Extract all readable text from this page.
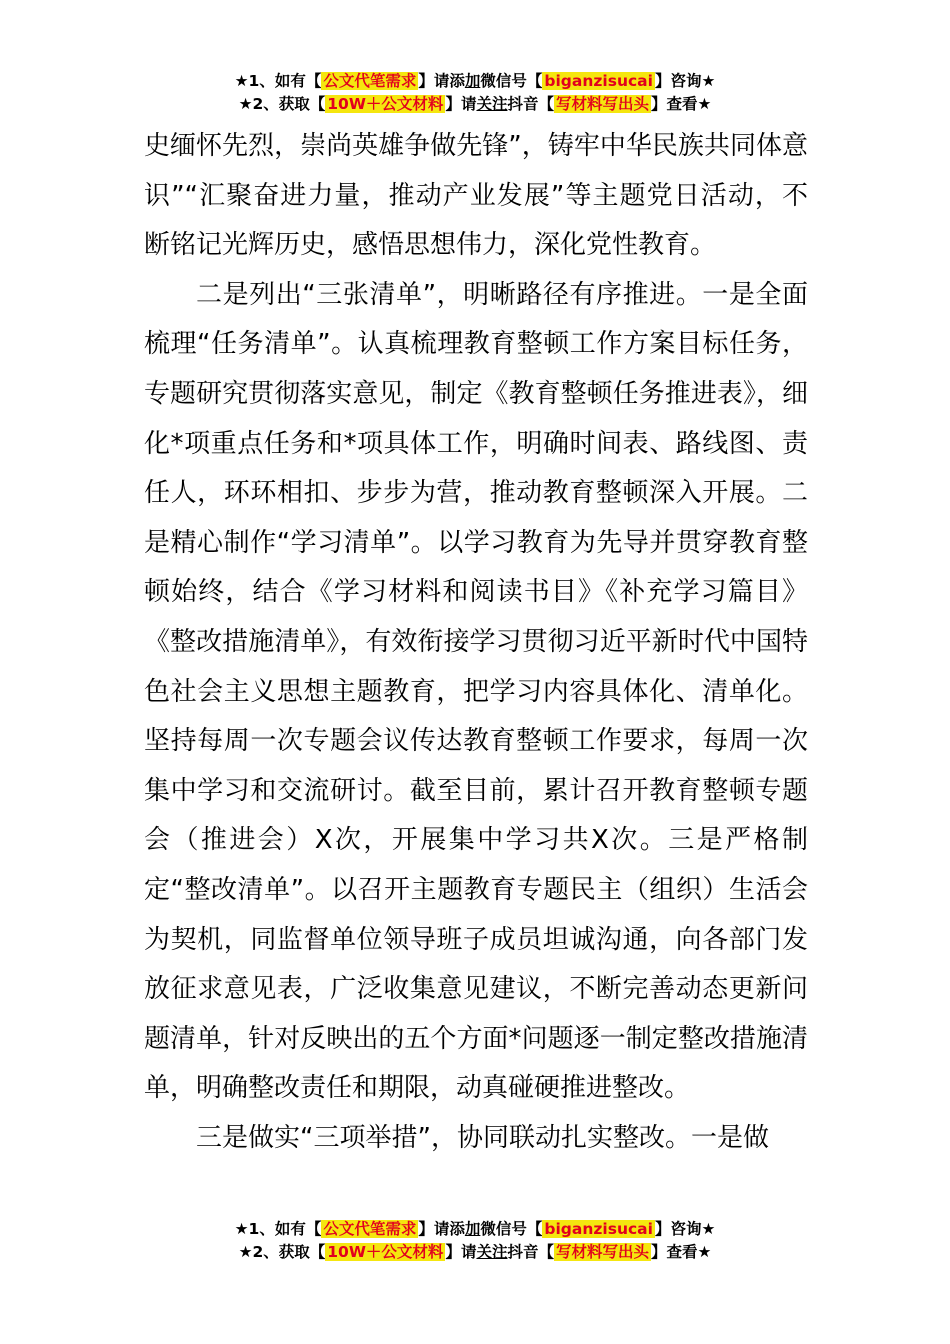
★1、如有【 公文代笔需求 】请添加微信号【 biganzisucai 】咨询★
★2、获取【 10W＋公文材料 】请关注抖音【 写材料写出头 】查看★

史缅怀先烈，崇尚英雄争做先锋”，铸牢中华民族共同体意识”“汇聚奋进力量，推动产业发展”等主题党日活动，不断铭记光辉历史，感悟思想伟力，深化党性教育。

二是列出“三张清单”，明晰路径有序推进。一是全面梳理“任务清单”。认真梳理教育整顿工作方案目标任务，专题研究贯彻落实意见，制定《教育整顿任务推进表》，细化*项重点任务和*项具体工作，明确时间表、路线图、责任人，环环相扣、步步为营，推动教育整顿深入开展。二是精心制作“学习清单”。以学习教育为先导并贯穿教育整顿始终，结合《学习材料和阅读书目》《补充学习篇目》《整改措施清单》，有效衔接学习贯彻习近平新时代中国特色社会主义思想主题教育，把学习内容具体化、清单化。坚持每周一次专题会议传达教育整顿工作要求，每周一次集中学习和交流研讨。截至目前，累计召开教育整顿专题会（推进会）X次，开展集中学习共X次。三是严格制定“整改清单”。以召开主题教育专题民主（组织）生活会为契机，同监督单位领导班子成员坦诚沟通，向各部门发放征求意见表，广泛收集意见建议，不断完善动态更新问题清单，针对反映出的五个方面*问题逐一制定整改措施清单，明确整改责任和期限，动真碰硬推进整改。

三是做实“三项举措”，协同联动扎实整改。一是做

★1、如有【 公文代笔需求 】请添加微信号【 biganzisucai 】咨询★
★2、获取【 10W＋公文材料 】请关注抖音【 写材料写出头 】查看★
